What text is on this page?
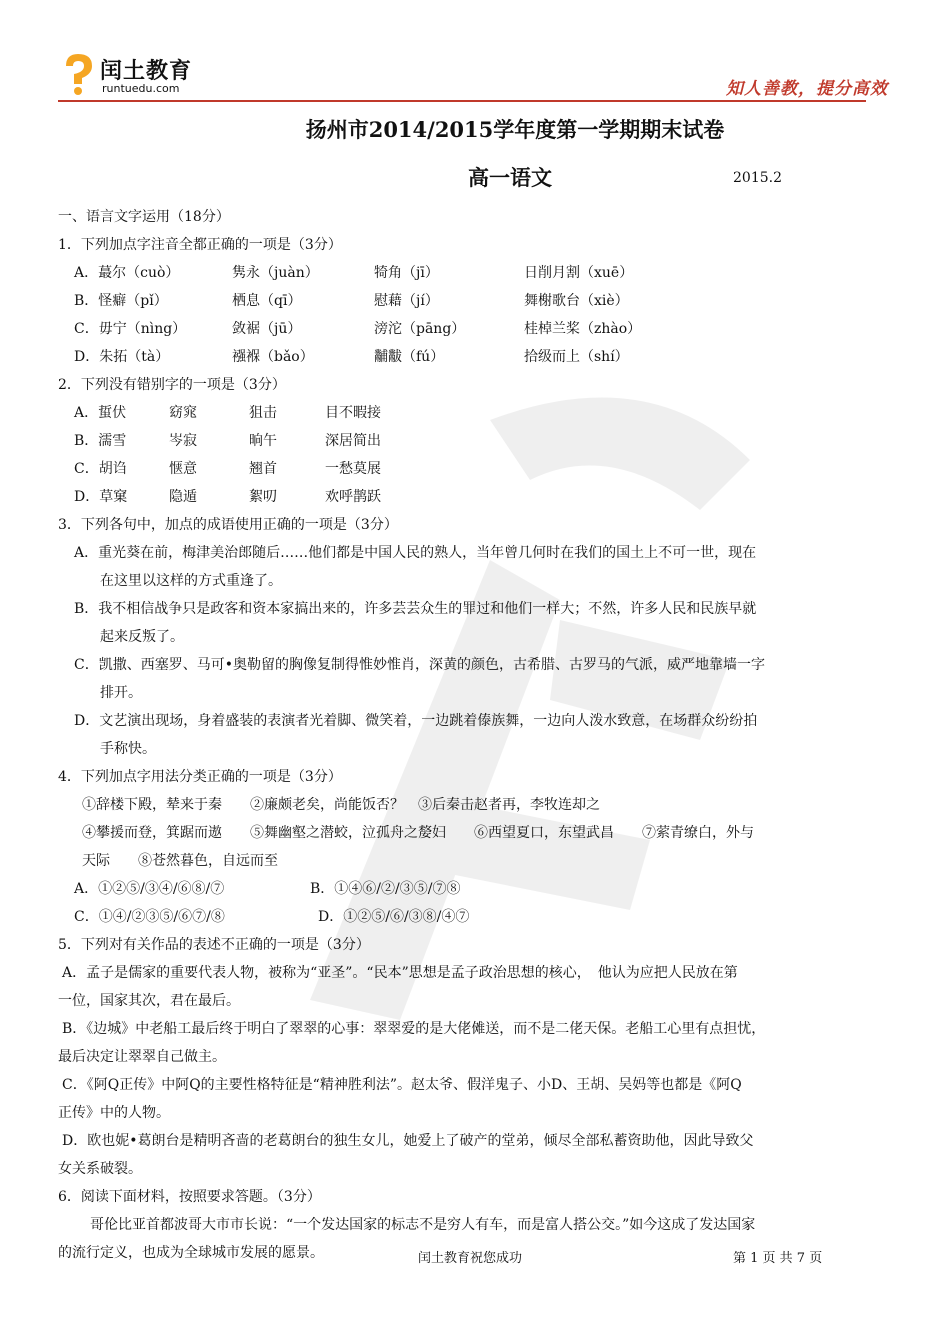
闰土教育
runtuedu.com	知人善教，提分高效
扬州市2014/2015学年度第一学期期末试卷
高一语文	2015.2
一、语言文字运用（18分）
1．下列加点字注音全都正确的一项是（3分）
A．蕞尔（cuò）	隽永（juàn）	犄角（jī）	日削月割（xuē）
B．怪癖（pǐ）	栖息（qī）	慰藉（jí）	舞榭歌台（xiè）
C．毋宁（nìng）	敛裾（jū）	滂沱（pāng）	桂棹兰桨（zhào）
D．朱拓（tà）	襁褓（bǎo）	黼黻（fú）	拾级而上（shí）
2．下列没有错别字的一项是（3分）
A．蜇伏	窈窕	狙击	目不暇接
B．濡雪	岑寂	晌午	深居简出
C．胡诌	惬意	翘首	一愁莫展
D．草窠	隐遁	絮叨	欢呼鹊跃
3．下列各句中，加点的成语使用正确的一项是（3分）
A．重光葵在前，梅津美治郎随后……他们都是中国人民的熟人，当年曾几何时在我们的国土上不可一世，现在
在这里以这样的方式重逢了。
B．我不相信战争只是政客和资本家搞出来的，许多芸芸众生的罪过和他们一样大；不然，许多人民和民族早就
起来反叛了。
C．凯撒、西塞罗、马可•奥勒留的胸像复制得惟妙惟肖，深黄的颜色，古希腊、古罗马的气派，威严地靠墙一字
排开。
D．文艺演出现场，身着盛装的表演者光着脚、微笑着，一边跳着傣族舞，一边向人泼水致意，在场群众纷纷拍
手称快。
4．下列加点字用法分类正确的一项是（3分）
①辞楼下殿，辇来于秦　　②廉颇老矣，尚能饭否？　③后秦击赵者再，李牧连却之
④攀援而登，箕踞而遨　　⑤舞幽壑之潜蛟，泣孤舟之嫠妇　　⑥西望夏口，东望武昌　　⑦萦青缭白，外与
天际　　⑧苍然暮色，自远而至
A．①②⑤/③④/⑥⑧/⑦	B．①④⑥/②/③⑤/⑦⑧
C．①④/②③⑤/⑥⑦/⑧	D．①②⑤/⑥/③⑧/④⑦
5．下列对有关作品的表述不正确的一项是（3分）
A．孟子是儒家的重要代表人物，被称为“亚圣”。“民本”思想是孟子政治思想的核心，　他认为应把人民放在第
一位，国家其次，君在最后。
B．《边城》中老船工最后终于明白了翠翠的心事：翠翠爱的是大佬傩送，而不是二佬天保。老船工心里有点担忧，
最后决定让翠翠自己做主。
C．《阿Q正传》中阿Q的主要性格特征是“精神胜利法”。赵太爷、假洋鬼子、小D、王胡、吴妈等也都是《阿Q
正传》中的人物。
D．欧也妮•葛朗台是精明吝啬的老葛朗台的独生女儿，她爱上了破产的堂弟，倾尽全部私蓄资助他，因此导致父
女关系破裂。
6．阅读下面材料，按照要求答题。（3分）
哥伦比亚首都波哥大市市长说：“一个发达国家的标志不是穷人有车，而是富人搭公交。”如今这成了发达国家
的流行定义，也成为全球城市发展的愿景。	闰土教育祝您成功	第 1 页 共 7 页
